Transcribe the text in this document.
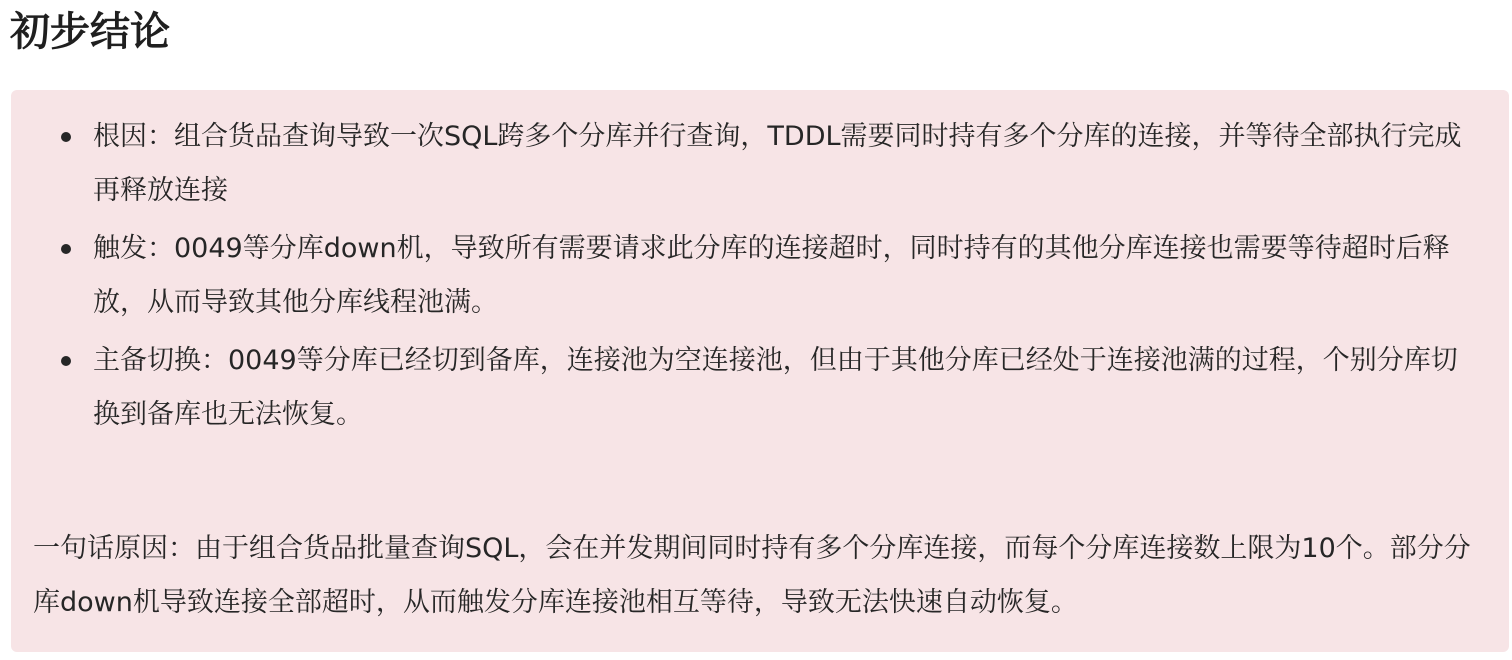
初步结论
根因：组合货品查询导致一次SQL跨多个分库并行查询，TDDL需要同时持有多个分库的连接，并等待全部执行完成再释放连接
触发：0049等分库down机，导致所有需要请求此分库的连接超时，同时持有的其他分库连接也需要等待超时后释放，从而导致其他分库线程池满。
主备切换：0049等分库已经切到备库，连接池为空连接池，但由于其他分库已经处于连接池满的过程，个别分库切换到备库也无法恢复。

一句话原因：由于组合货品批量查询SQL，会在并发期间同时持有多个分库连接，而每个分库连接数上限为10个。部分分库down机导致连接全部超时，从而触发分库连接池相互等待，导致无法快速自动恢复。
